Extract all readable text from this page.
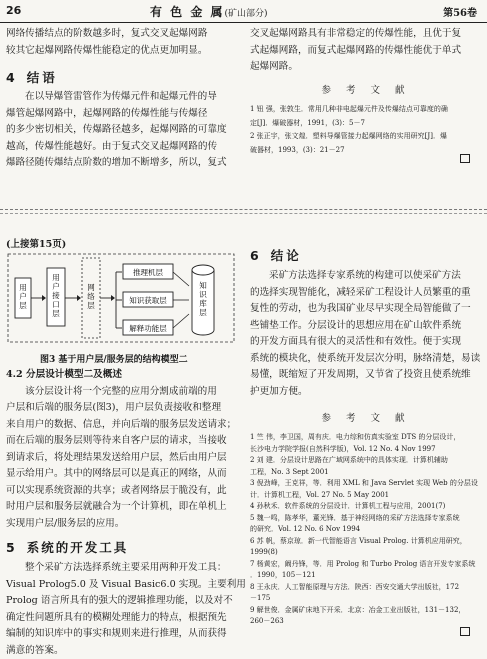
26	有 色 金 属(矿山部分)	第56卷
网络传播结点的阶数越多时，复式交叉起爆网路
较其它起爆网路传爆性能稳定的优点更加明显。
4 结语
在以导爆管雷管作为传爆元件和起爆元件的导
爆管起爆网路中，起爆网路的传爆性能与传爆径
的多少密切相关，传爆路径越多，起爆网路的可靠度
越高，传爆性能越好。由于复式交叉起爆网路的传
爆路径随传爆结点阶数的增加不断增多，所以，复式
交叉起爆网路具有非常稳定的传爆性能，且优于复
式起爆网路，而复式起爆网路的传爆性能优于单式
起爆网路。
参 考 文 献
1 钮 强，张敦生．常用几种非电起爆元件及传爆结点可靠度的确
定[J]．爆破器材，1991，(3)：5－7
2 张正宇，张文煌．塑料导爆管接力起爆网络的实用研究[J]．爆
破器材，1993，(3)：21－27
(上接第15页)
用户层
用户接口层
网络层
推理机层
知识获取层
解释功能层
知识库层
图3 基于用户层/服务层的结构模型二
4.2 分层设计模型二及概述
该分层设计将一个完整的应用分割成前端的用
户层和后端的服务层(图3)，用户层负责接收和整理
来自用户的数据、信息，并向后端的服务层发送请求；
而在后端的服务层则等待来自客户层的请求，当接收
到请求后，将处理结果发送给用户层，然后由用户层
显示给用户。其中的网络层可以是真正的网络，从而
可以实现系统资源的共享；或者网络层于脆没有，此
时用户层和服务层就融合为一个计算机，即在单机上
实现用户层/服务层的应用。
5 系统的开发工具
整个采矿方法选择系统主要采用两种开发工具：
Visual Prolog5.0 及 Visual Basic6.0 实现。主要利用
Prolog 语言所具有的强大的逻辑推理功能，以及对不
确定性问题所具有的模糊处理能力的特点，根据预先
编制的知识库中的事实和规则来进行推理，从而获得
满意的答案。
6 结论
采矿方法选择专家系统的构建可以使采矿方法
的选择实现智能化，减轻采矿工程设计人员繁重的重
复性的劳动，也为我国矿业尽早实现全局智能做了一
些铺垫工作。分层设计的思想应用在矿山软件系统
的开发方面具有很大的灵活性和有效性。便于实现
系统的模块化，使系统开发层次分明，脉络清楚，易读
易懂，既缩短了开发周期，又节省了投资且使系统维
护更加方便。
参 考 文 献
1 竺 伟，李卫国，周有庆．电力综和仿真实验室 DTS 的分层设计，
长沙电力学院学报(自然科学版)，Vol. 12 No. 4 Nov 1997
2 刘 建．分层设计思路在广域网系统中的具体实现．计算机辅助
工程，No. 3 Sept 2001
3 倪劲峰，王克祥，等．利用 XML 和 Java Servlet 实现 Web 的分层设
计．计算机工程，Vol. 27 No. 5 May 2001
4 孙秋禾．软件系统的分层设计．计算机工程与应用，2001(7)
5 魏一鸣，陈孝华，董光锋．基于神经网络的采矿方法选择专家系统
的研究．Vol. 12 No. 6 Nov 1994
6 苏 帆，蔡京琼．新一代智能语言 Visual Prolog. 计算机应用研究，
1999(8)
7 杨黄宏，阚丹锋，等．用 Prolog 和 Turbo Prolog 语言开发专家系统
．1990，105－121
8 王永庆．人工智能原理与方法．陕西：西安交通大学出版社，172
－175
9 解世俊．金属矿床地下开采．北京：冶金工业出版社，131－132，
260－263
